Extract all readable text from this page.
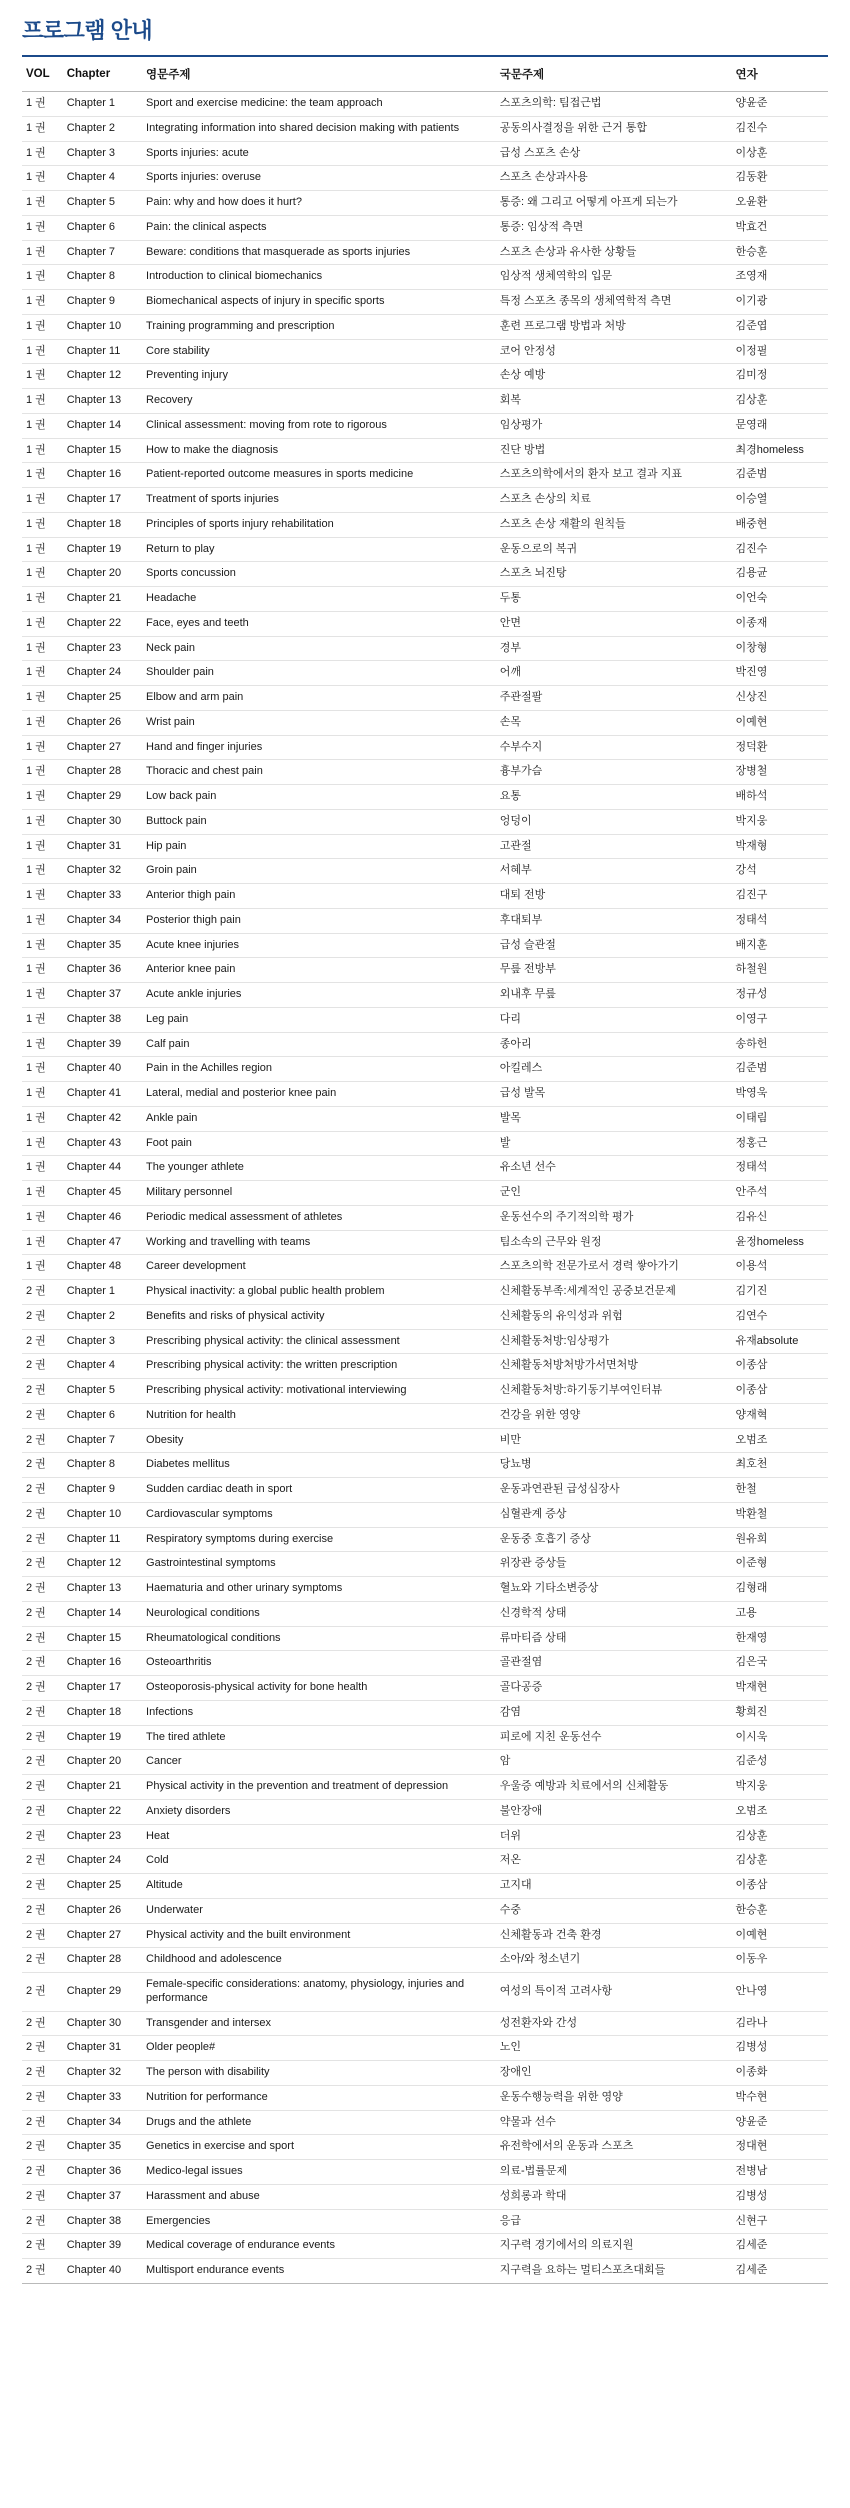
프로그램 안내
VOL	Chapter	영문주제	국문주제	연자
1 권	Chapter 1	Sport and exercise medicine: the team approach	스포츠의학: 팀접근법	양윤준
1 권	Chapter 2	Integrating information into shared decision making with patients	공동의사결정을 위한 근거 통합	김진수
1 권	Chapter 3	Sports injuries: acute	급성 스포츠 손상	이상훈
1 권	Chapter 4	Sports injuries: overuse	스포츠 손상과사용	김동환
1 권	Chapter 5	Pain: why and how does it hurt?	통증: 왜 그리고 어떻게 아프게 되는가	오윤환
1 권	Chapter 6	Pain: the clinical aspects	통증: 임상적 측면	박효건
1 권	Chapter 7	Beware: conditions that masquerade as sports injuries	스포츠 손상과 유사한 상황들	한승훈
1 권	Chapter 8	Introduction to clinical biomechanics	임상적 생체역학의 입문	조영재
1 권	Chapter 9	Biomechanical aspects of injury in specific sports	특정 스포츠 종목의 생체역학적 측면	이기광
1 권	Chapter 10	Training programming and prescription	훈련 프로그램 방법과 처방	김준엽
1 권	Chapter 11	Core stability	코어 안정성	이정필
1 권	Chapter 12	Preventing injury	손상 예방	김미정
1 권	Chapter 13	Recovery	회복	김상훈
1 권	Chapter 14	Clinical assessment: moving from rote to rigorous	임상평가	문영래
1 권	Chapter 15	How to make the diagnosis	진단 방법	최경homeless
1 권	Chapter 16	Patient-reported outcome measures in sports medicine	스포츠의학에서의 환자 보고 결과 지표	김준범
1 권	Chapter 17	Treatment of sports injuries	스포츠 손상의 치료	이승열
1 권	Chapter 18	Principles of sports injury rehabilitation	스포츠 손상 재활의 원칙들	배중현
1 권	Chapter 19	Return to play	운동으로의 복귀	김진수
1 권	Chapter 20	Sports concussion	스포츠 뇌진탕	김용균
1 권	Chapter 21	Headache	두통	이언숙
1 권	Chapter 22	Face, eyes and teeth	안면	이종재
1 권	Chapter 23	Neck pain	경부	이창형
1 권	Chapter 24	Shoulder pain	어깨	박진영
1 권	Chapter 25	Elbow and arm pain	주관절팔	신상진
1 권	Chapter 26	Wrist pain	손목	이예현
1 권	Chapter 27	Hand and finger injuries	수부수지	정덕환
1 권	Chapter 28	Thoracic and chest pain	흉부가슴	장병철
1 권	Chapter 29	Low back pain	요통	배하석
1 권	Chapter 30	Buttock pain	엉덩이	박지웅
1 권	Chapter 31	Hip pain	고관절	박재형
1 권	Chapter 32	Groin pain	서혜부	강석
1 권	Chapter 33	Anterior thigh pain	대퇴 전방	김진구
1 권	Chapter 34	Posterior thigh pain	후대퇴부	정태석
1 권	Chapter 35	Acute knee injuries	급성 슬관절	배지훈
1 권	Chapter 36	Anterior knee pain	무릎 전방부	하철원
1 권	Chapter 37	Acute ankle injuries	외내후 무릎	정규성
1 권	Chapter 38	Leg pain	다리	이영구
1 권	Chapter 39	Calf pain	종아리	송하헌
1 권	Chapter 40	Pain in the Achilles region	아킬레스	김준범
1 권	Chapter 41	Lateral, medial and posterior knee pain	급성 발목	박영욱
1 권	Chapter 42	Ankle pain	발목	이태림
1 권	Chapter 43	Foot pain	발	정홍근
1 권	Chapter 44	The younger athlete	유소년 선수	정태석
1 권	Chapter 45	Military personnel	군인	안주석
1 권	Chapter 46	Periodic medical assessment of athletes	운동선수의 주기적의학 평가	김유신
1 권	Chapter 47	Working and travelling with teams	팀소속의 근무와 원정	윤정homeless
1 권	Chapter 48	Career development	스포츠의학 전문가로서 경력 쌓아가기	이용석
2 권	Chapter 1	Physical inactivity: a global public health problem	신체활동부족:세계적인 공중보건문제	김기진
2 권	Chapter 2	Benefits and risks of physical activity	신체활동의 유익성과 위험	김연수
2 권	Chapter 3	Prescribing physical activity: the clinical assessment	신체활동처방:임상평가	유재absolute
2 권	Chapter 4	Prescribing physical activity: the written prescription	신체활동처방처방가서면처방	이종삼
2 권	Chapter 5	Prescribing physical activity: motivational interviewing	신체활동처방:하기동기부여인터뷰	이종삼
2 권	Chapter 6	Nutrition for health	건강을 위한 영양	양재혁
2 권	Chapter 7	Obesity	비만	오범조
2 권	Chapter 8	Diabetes mellitus	당뇨병	최호천
2 권	Chapter 9	Sudden cardiac death in sport	운동과연관된 급성심장사	한철
2 권	Chapter 10	Cardiovascular symptoms	심혈관계 증상	박환철
2 권	Chapter 11	Respiratory symptoms during exercise	운동중 호흡기 증상	원유희
2 권	Chapter 12	Gastrointestinal symptoms	위장관 증상들	이준형
2 권	Chapter 13	Haematuria and other urinary symptoms	혈뇨와 기타소변증상	김형래
2 권	Chapter 14	Neurological conditions	신경학적 상태	고용
2 권	Chapter 15	Rheumatological conditions	류마티즘 상태	한재영
2 권	Chapter 16	Osteoarthritis	골관절염	김은국
2 권	Chapter 17	Osteoporosis-physical activity for bone health	골다공증	박재현
2 권	Chapter 18	Infections	감염	황희진
2 권	Chapter 19	The tired athlete	피로에 지친 운동선수	이시욱
2 권	Chapter 20	Cancer	암	김준성
2 권	Chapter 21	Physical activity in the prevention and treatment of depression	우울증 예방과 치료에서의 신체활동	박지웅
2 권	Chapter 22	Anxiety disorders	불안장애	오범조
2 권	Chapter 23	Heat	더위	김상훈
2 권	Chapter 24	Cold	저온	김상훈
2 권	Chapter 25	Altitude	고지대	이종삼
2 권	Chapter 26	Underwater	수중	한승훈
2 권	Chapter 27	Physical activity and the built environment	신체활동과 건축 환경	이예현
2 권	Chapter 28	Childhood and adolescence	소아/와 청소년기	이동우
2 권	Chapter 29	Female-specific considerations: anatomy, physiology, injuries and performance	여성의 특이적 고려사항	안나영
2 권	Chapter 30	Transgender and intersex	성전환자와 간성	김라나
2 권	Chapter 31	Older people#	노인	김병성
2 권	Chapter 32	The person with disability	장애인	이종화
2 권	Chapter 33	Nutrition for performance	운동수행능력을 위한 영양	박수현
2 권	Chapter 34	Drugs and the athlete	약물과 선수	양윤준
2 권	Chapter 35	Genetics in exercise and sport	유전학에서의 운동과 스포츠	정대현
2 권	Chapter 36	Medico-legal issues	의료-법률문제	전병남
2 권	Chapter 37	Harassment and abuse	성희롱과 학대	김병성
2 권	Chapter 38	Emergencies	응급	신현구
2 권	Chapter 39	Medical coverage of endurance events	지구력 경기에서의 의료지원	김세준
2 권	Chapter 40	Multisport endurance events	지구력을 요하는 멀티스포츠대회들	김세준
